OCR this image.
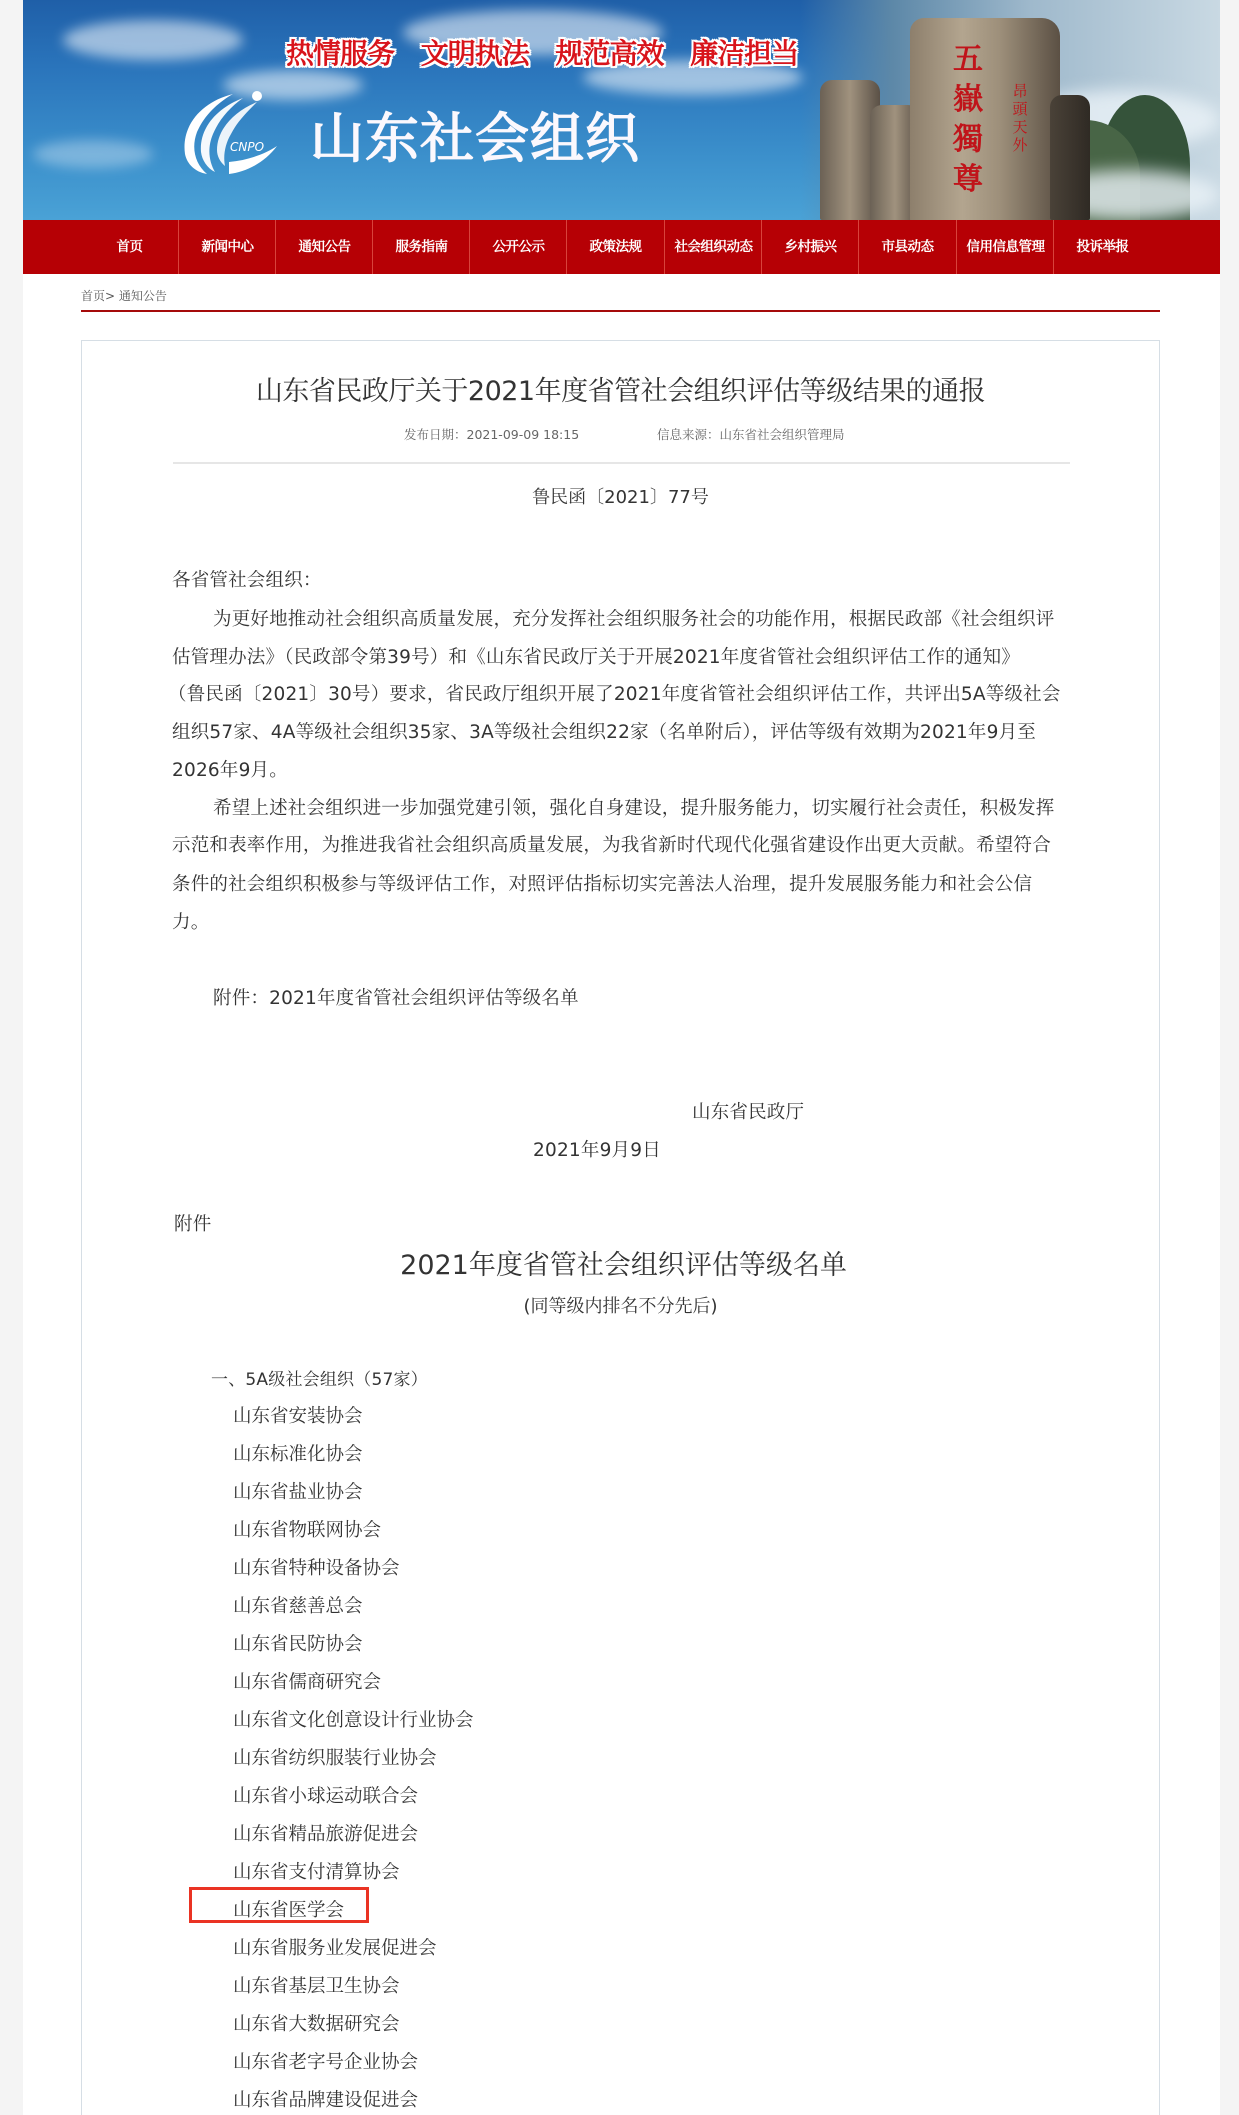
五嶽獨尊
昂頭天外
热情服务 文明执法 规范高效 廉洁担当
CNPO 山东社会组织
首页	新闻中心	通知公告	服务指南	公开公示	政策法规	社会组织动态	乡村振兴	市县动态	信用信息管理	投诉举报
首页> 通知公告
山东省民政厅关于2021年度省管社会组织评估等级结果的通报
发布日期：2021-09-09 18:15	信息来源：山东省社会组织管理局
鲁民函〔2021〕77号
各省管社会组织：
为更好地推动社会组织高质量发展，充分发挥社会组织服务社会的功能作用，根据民政部《社会组织评
估管理办法》（民政部令第39号）和《山东省民政厅关于开展2021年度省管社会组织评估工作的通知》
（鲁民函〔2021〕30号）要求，省民政厅组织开展了2021年度省管社会组织评估工作，共评出5A等级社会
组织57家、4A等级社会组织35家、3A等级社会组织22家（名单附后），评估等级有效期为2021年9月至
2026年9月。
希望上述社会组织进一步加强党建引领，强化自身建设，提升服务能力，切实履行社会责任，积极发挥
示范和表率作用，为推进我省社会组织高质量发展，为我省新时代现代化强省建设作出更大贡献。希望符合
条件的社会组织积极参与等级评估工作，对照评估指标切实完善法人治理，提升发展服务能力和社会公信
力。
附件：2021年度省管社会组织评估等级名单
山东省民政厅
2021年9月9日
附件
2021年度省管社会组织评估等级名单
(同等级内排名不分先后)
一、5A级社会组织（57家）
山东省安装协会
山东标准化协会
山东省盐业协会
山东省物联网协会
山东省特种设备协会
山东省慈善总会
山东省民防协会
山东省儒商研究会
山东省文化创意设计行业协会
山东省纺织服装行业协会
山东省小球运动联合会
山东省精品旅游促进会
山东省支付清算协会
山东省医学会
山东省服务业发展促进会
山东省基层卫生协会
山东省大数据研究会
山东省老字号企业协会
山东省品牌建设促进会
